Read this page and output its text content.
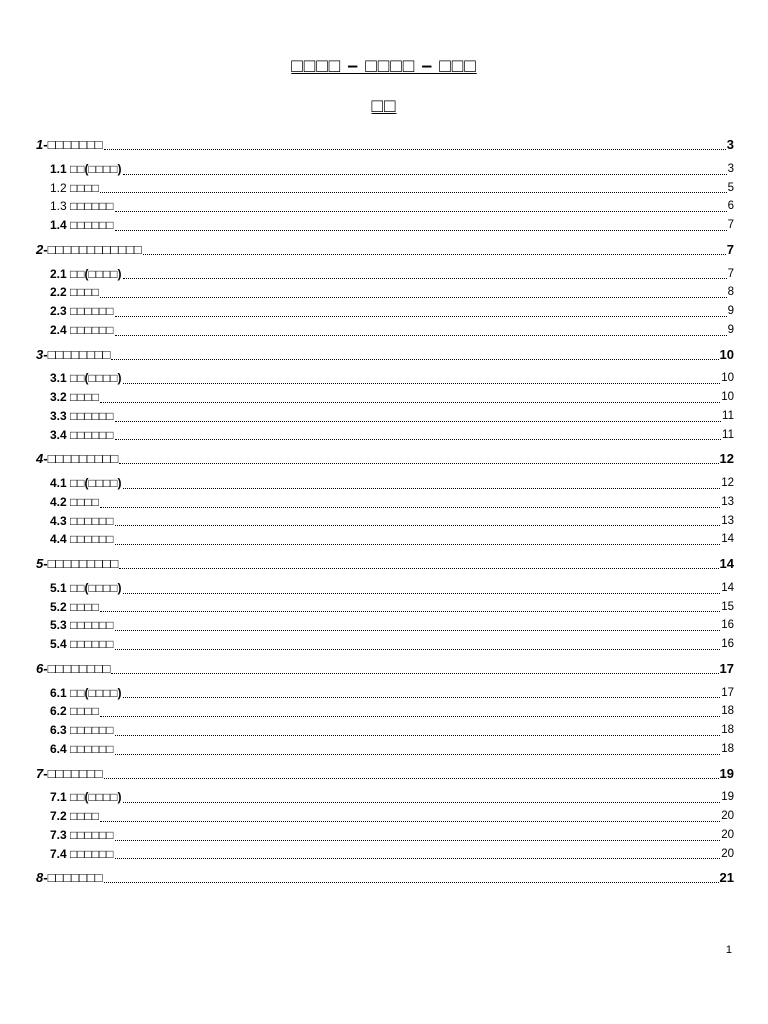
□□□□ – □□□□ – □□□
□□
1-□□□□□□□	3
1.1 □□(□□□□)	3
1.2 □□□□	5
1.3 □□□□□□	6
1.4 □□□□□□	7
2-□□□□□□□□□□□□	7
2.1 □□(□□□□)	7
2.2 □□□□	8
2.3 □□□□□□	9
2.4 □□□□□□	9
3-□□□□□□□□	10
3.1 □□(□□□□)	10
3.2 □□□□	10
3.3 □□□□□□	11
3.4 □□□□□□	11
4-□□□□□□□□□	12
4.1 □□(□□□□)	12
4.2 □□□□	13
4.3 □□□□□□	13
4.4 □□□□□□	14
5-□□□□□□□□□	14
5.1 □□(□□□□)	14
5.2 □□□□	15
5.3 □□□□□□	16
5.4 □□□□□□	16
6-□□□□□□□□	17
6.1 □□(□□□□)	17
6.2 □□□□	18
6.3 □□□□□□	18
6.4 □□□□□□	18
7-□□□□□□□	19
7.1 □□(□□□□)	19
7.2 □□□□	20
7.3 □□□□□□	20
7.4 □□□□□□	20
8-□□□□□□□	21
1
